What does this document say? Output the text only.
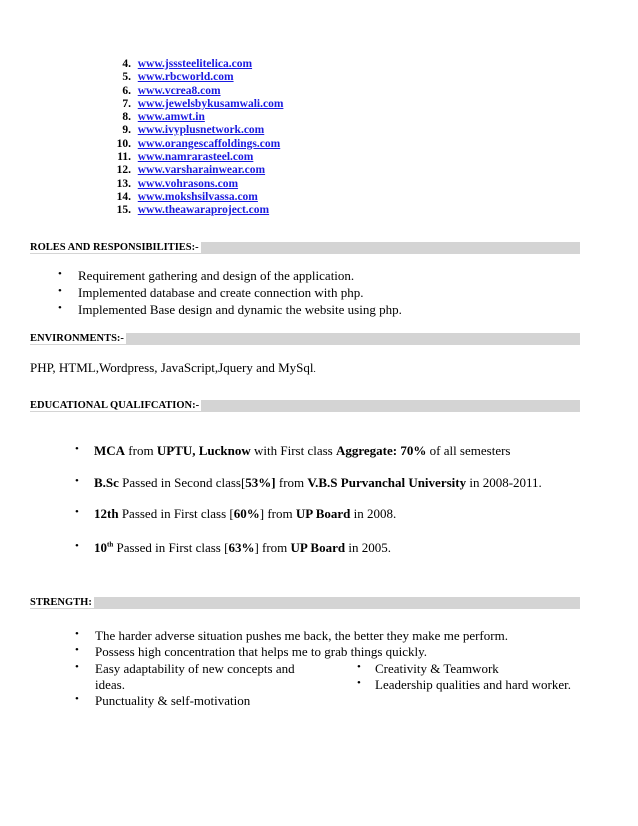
4. www.jsssteelitelica.com
5. www.rbcworld.com
6. www.vcrea8.com
7. www.jewelsbykusamwali.com
8. www.amwt.in
9. www.ivyplusnetwork.com
10. www.orangescaffoldings.com
11. www.namrarasteel.com
12. www.varsharainwear.com
13. www.vohrasons.com
14. www.mokshsilvassa.com
15. www.theawaraproject.com
ROLES AND RESPONSIBILITIES:-
• Requirement gathering and design of the application.
• Implemented database and create connection with php.
• Implemented Base design and dynamic the website using php.
ENVIRONMENTS:-
PHP, HTML,Wordpress, JavaScript,Jquery and MySql.
EDUCATIONAL QUALIFCATION:-
• MCA from UPTU, Lucknow with First class Aggregate: 70% of all semesters
• B.Sc Passed in Second class[53%] from V.B.S Purvanchal University in 2008-2011.
• 12th Passed in First class [60%] from UP Board in 2008.
• 10th Passed in First class [63%] from UP Board in 2005.
STRENGTH:
• The harder adverse situation pushes me back, the better they make me perform.
• Possess high concentration that helps me to grab things quickly.
• Easy adaptability of new concepts and
ideas.
• Punctuality & self-motivation
• Creativity & Teamwork
• Leadership qualities and hard worker.
